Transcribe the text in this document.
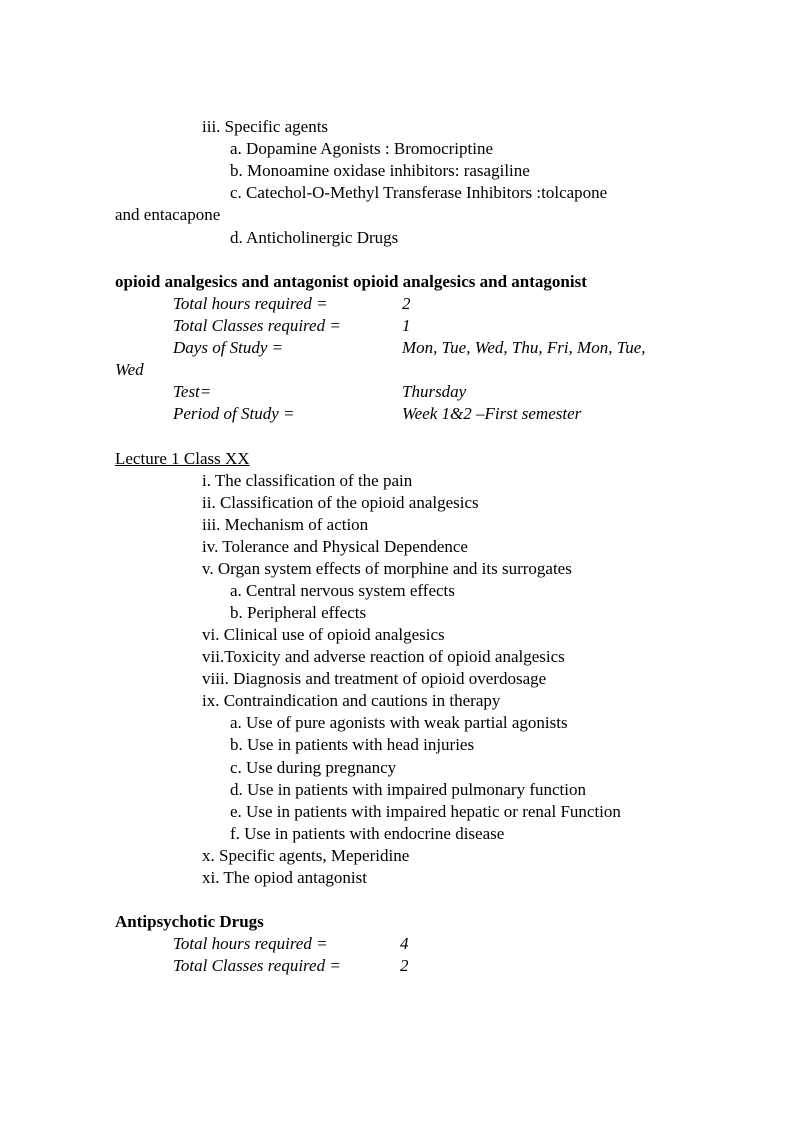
iii. Specific agents
a. Dopamine Agonists : Bromocriptine
b. Monoamine oxidase inhibitors: rasagiline
c. Catechol-O-Methyl Transferase Inhibitors :tolcapone
and entacapone
d. Anticholinergic Drugs
opioid analgesics and antagonist opioid analgesics and antagonist
Total hours required =	2
Total Classes required =	1
Days of Study =	Mon, Tue, Wed, Thu, Fri, Mon, Tue,
Wed
Test=	Thursday
Period of Study =	Week 1&2 –First semester
Lecture 1 Class XX
i. The classification of the pain
ii. Classification of the opioid analgesics
iii. Mechanism of action
iv. Tolerance and Physical Dependence
v. Organ system effects of morphine and its surrogates
a. Central nervous system effects
b. Peripheral effects
vi. Clinical use of opioid analgesics
vii.Toxicity and adverse reaction of opioid analgesics
viii. Diagnosis and treatment of opioid overdosage
ix. Contraindication and cautions in therapy
a. Use of pure agonists with weak partial agonists
b. Use in patients with head injuries
c. Use during pregnancy
d. Use in patients with impaired pulmonary function
e. Use in patients with impaired hepatic or renal Function
f. Use in patients with endocrine disease
x. Specific agents, Meperidine
xi. The opiod antagonist
Antipsychotic Drugs
Total hours required =	4
Total Classes required =	2
